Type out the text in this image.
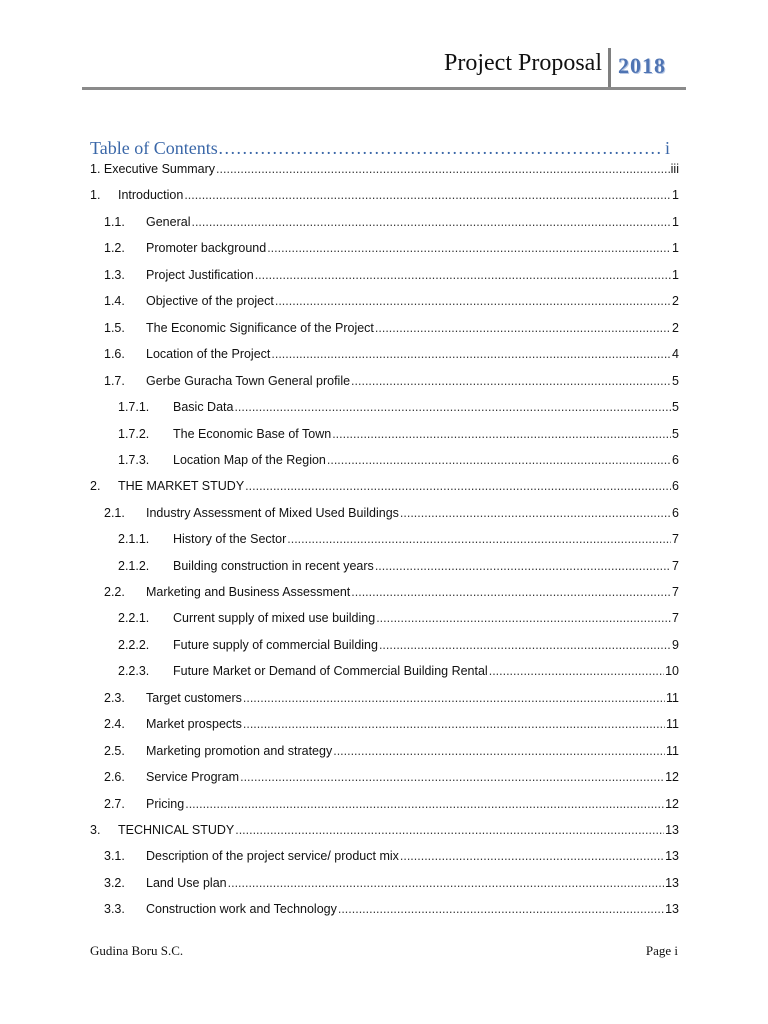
Project Proposal 2018
Table of Contents ……………………………………………………………………………………………………………………………………………………………………	i
1. Executive Summary .....	iii
1.	Introduction .....	1
1.1.	General .....	1
1.2.	Promoter background .....	1
1.3.	Project Justification .....	1
1.4.	Objective of the project .....	2
1.5.	The Economic Significance of the Project .....	2
1.6.	Location of the Project .....	4
1.7.	Gerbe Guracha Town General profile .....	5
1.7.1.	Basic Data .....	5
1.7.2.	The Economic Base of Town .....	5
1.7.3.	Location Map of the Region .....	6
2.	THE MARKET STUDY .....	6
2.1.	Industry Assessment of Mixed Used Buildings .....	6
2.1.1.	History of the Sector .....	7
2.1.2.	Building construction in recent years .....	7
2.2.	Marketing and Business Assessment .....	7
2.2.1.	Current supply of mixed use building .....	7
2.2.2.	Future supply of commercial Building .....	9
2.2.3.	Future Market or Demand of Commercial Building Rental .....	10
2.3.	Target customers .....	11
2.4.	Market prospects .....	11
2.5.	Marketing promotion and strategy .....	11
2.6.	Service Program .....	12
2.7.	Pricing .....	12
3.	TECHNICAL STUDY .....	13
3.1.	Description of the project service/ product mix .....	13
3.2.	Land Use plan .....	13
3.3.	Construction work and Technology .....	13
Gudina Boru S.C.	Page i
